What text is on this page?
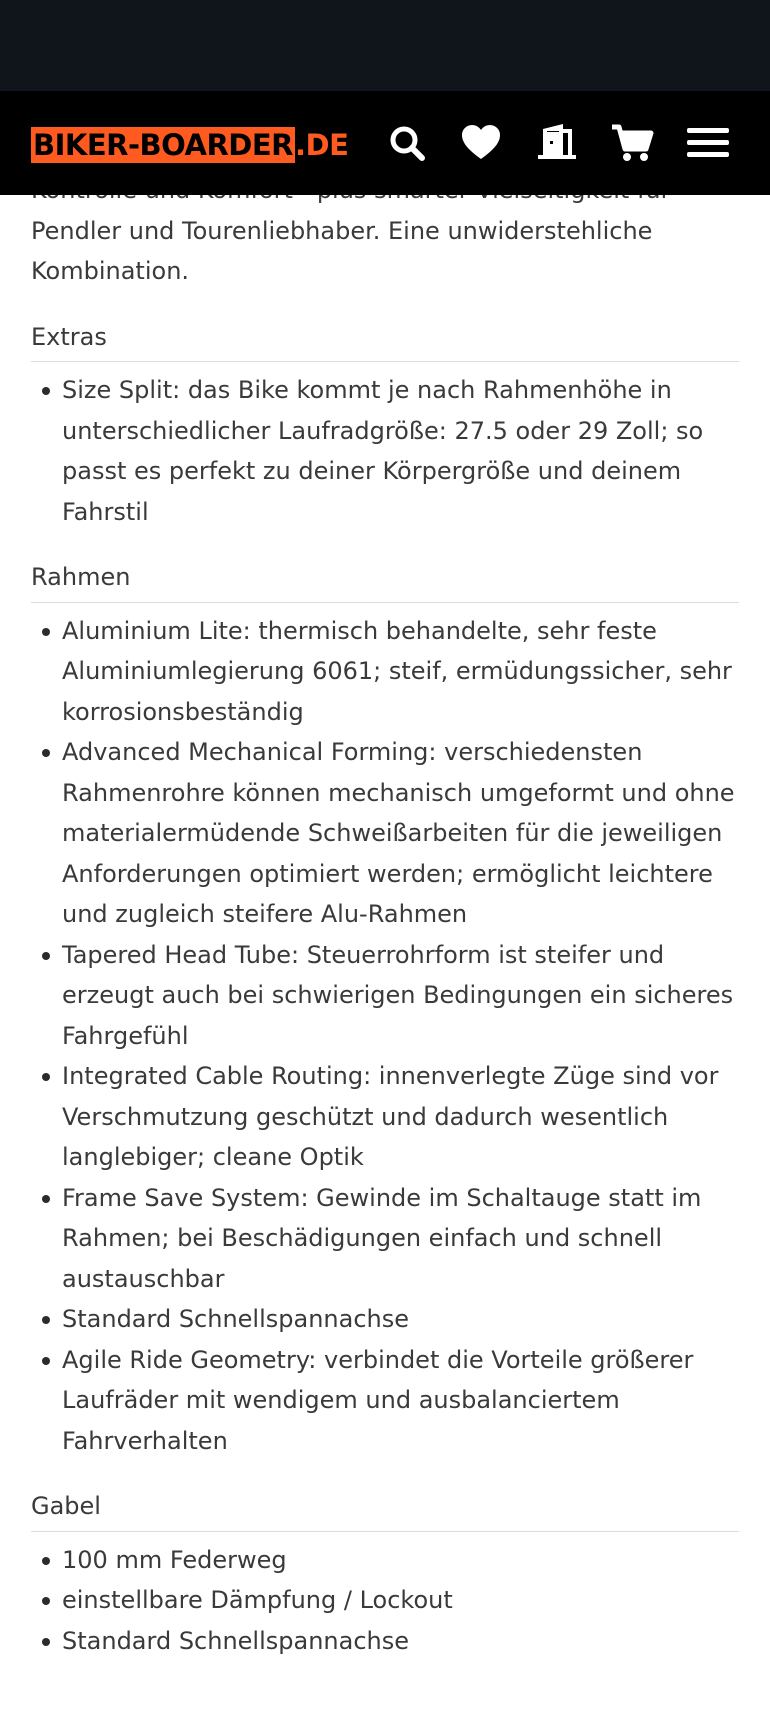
BIKER-BOARDER .DE

Pendler und Tourenliebhaber. Eine unwiderstehliche Kombination.

Extras
Size Split: das Bike kommt je nach Rahmenhöhe in unterschiedlicher Laufradgröße: 27.5 oder 29 Zoll; so passt es perfekt zu deiner Körpergröße und deinem Fahrstil
Rahmen
Aluminium Lite: thermisch behandelte, sehr feste Aluminiumlegierung 6061; steif, ermüdungssicher, sehr korrosionsbeständig
Advanced Mechanical Forming: verschiedensten Rahmenrohre können mechanisch umgeformt und ohne materialermüdende Schweißarbeiten für die jeweiligen Anforderungen optimiert werden; ermöglicht leichtere und zugleich steifere Alu-Rahmen
Tapered Head Tube: Steuerrohrform ist steifer und erzeugt auch bei schwierigen Bedingungen ein sicheres Fahrgefühl
Integrated Cable Routing: innenverlegte Züge sind vor Verschmutzung geschützt und dadurch wesentlich langlebiger; cleane Optik
Frame Save System: Gewinde im Schaltauge statt im Rahmen; bei Beschädigungen einfach und schnell austauschbar
Standard Schnellspannachse
Agile Ride Geometry: verbindet die Vorteile größerer Laufräder mit wendigem und ausbalanciertem Fahrverhalten
Gabel
100 mm Federweg
einstellbare Dämpfung / Lockout
Standard Schnellspannachse
